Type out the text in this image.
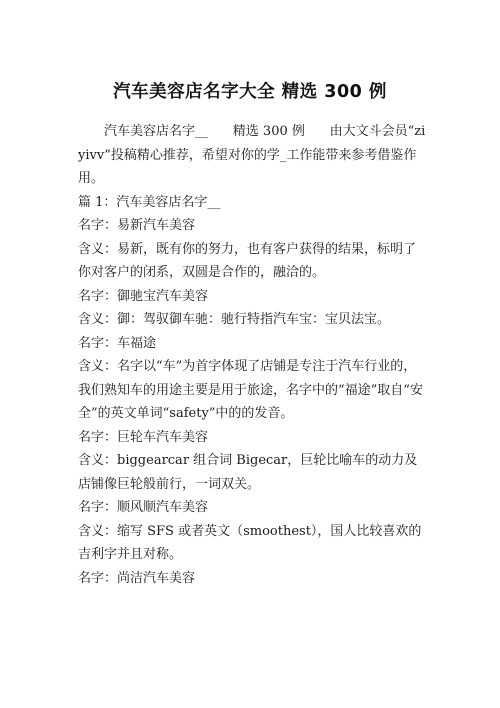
汽车美容店名字大全 精选 300 例

汽车美容店名字__      精选 300 例      由大文斗会员“ziyivv”投稿精心推荐，希望对你的学_工作能带来参考借鉴作用。

篇 1：汽车美容店名字__

名字：易新汽车美容

含义：易新，既有你的努力，也有客户获得的结果，标明了你对客户的闭系，双圆是合作的，融洽的。

名字：御驰宝汽车美容

含义：御：驾驭御车驰：驰行特指汽车宝：宝贝法宝。

名字：车福途

含义：名字以“车”为首字体现了店铺是专注于汽车行业的，我们熟知车的用途主要是用于旅途，名字中的“福途”取自“安全”的英文单词“safety”中的的发音。

名字：巨轮车汽车美容

含义：biggearcar 组合词 Bigecar，巨轮比喻车的动力及店铺像巨轮般前行，一词双关。

名字：顺风顺汽车美容

含义：缩写 SFS 或者英文（smoothest），国人比较喜欢的吉利字并且对称。

名字：尚洁汽车美容
